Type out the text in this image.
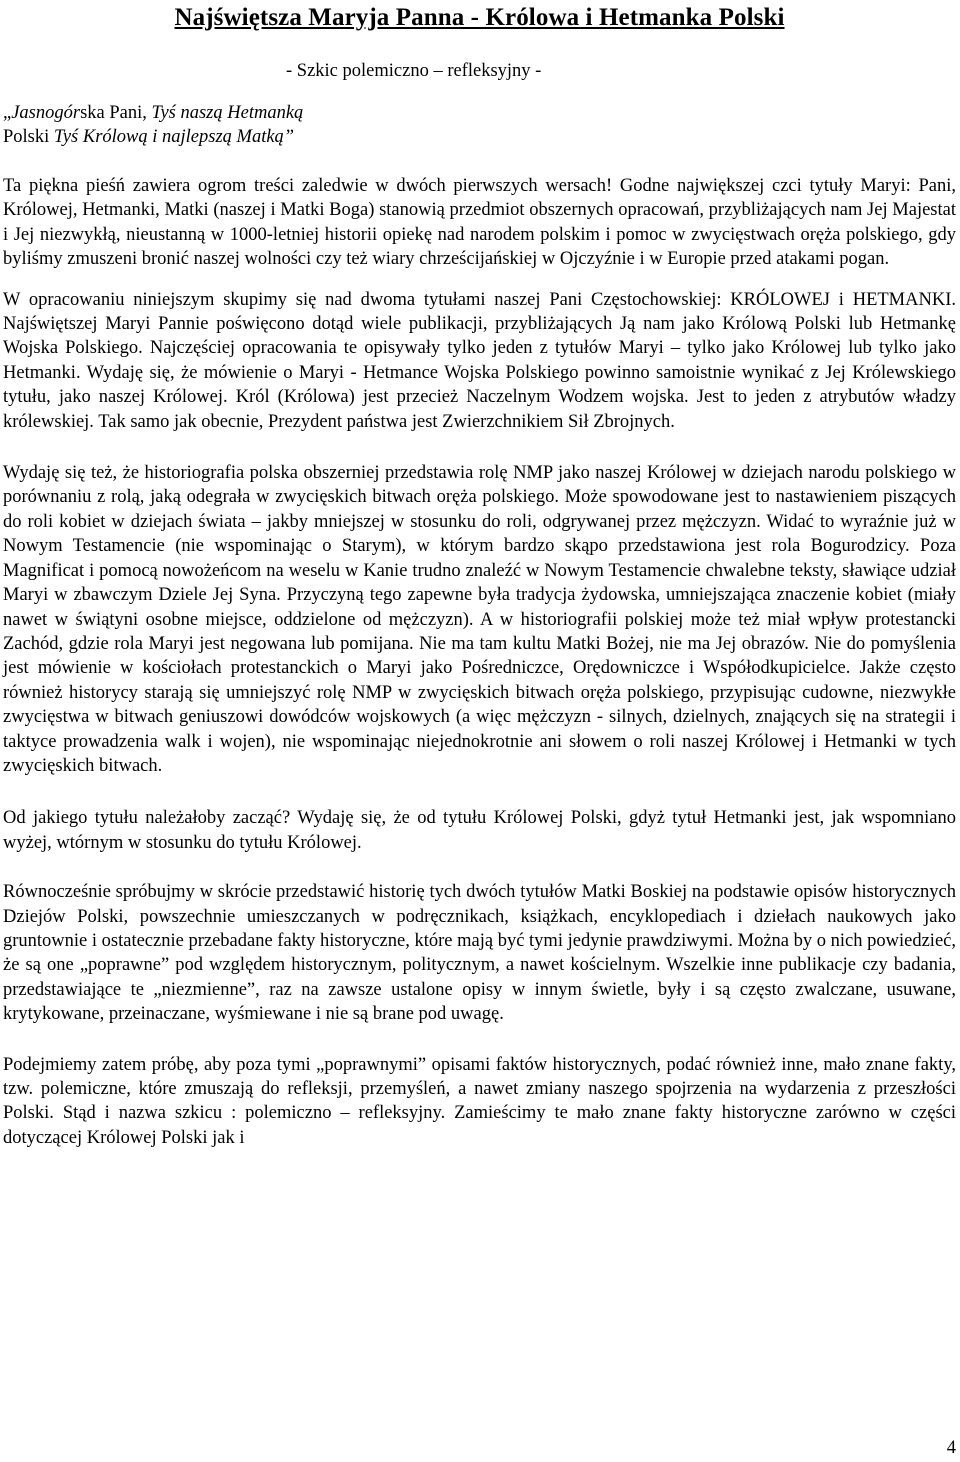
Najświętsza Maryja Panna - Królowa i Hetmanka Polski
- Szkic polemiczno – refleksyjny -
„Jasnogórska Pani, Tyś naszą Hetmanką
Polski Tyś Królową i najlepszą Matką”

Ta piękna pieśń zawiera ogrom treści zaledwie w dwóch pierwszych wersach! Godne największej czci tytuły Maryi: Pani, Królowej, Hetmanki, Matki (naszej i Matki Boga) stanowią przedmiot obszernych opracowań, przybliżających nam Jej Majestat i Jej niezwykłą, nieustanną w 1000-letniej historii opiekę nad narodem polskim i pomoc w zwycięstwach oręża polskiego, gdy byliśmy zmuszeni bronić naszej wolności czy też wiary chrześcijańskiej w Ojczyźnie i w Europie przed atakami pogan.

W opracowaniu niniejszym skupimy się nad dwoma tytułami naszej Pani Częstochowskiej: KRÓLOWEJ i HETMANKI. Najświętszej Maryi Pannie poświęcono dotąd wiele publikacji, przybliżających Ją nam jako Królową Polski lub Hetmankę Wojska Polskiego. Najczęściej opracowania te opisywały tylko jeden z tytułów Maryi – tylko jako Królowej lub tylko jako Hetmanki. Wydaję się, że mówienie o Maryi - Hetmance Wojska Polskiego powinno samoistnie wynikać z Jej Królewskiego tytułu, jako naszej Królowej. Król (Królowa) jest przecież Naczelnym Wodzem wojska. Jest to jeden z atrybutów władzy królewskiej. Tak samo jak obecnie, Prezydent państwa jest Zwierzchnikiem Sił Zbrojnych.

Wydaję się też, że historiografia polska obszerniej przedstawia rolę NMP jako naszej Królowej w dziejach narodu polskiego w porównaniu z rolą, jaką odegrała w zwycięskich bitwach oręża polskiego. Może spowodowane jest to nastawieniem piszących do roli kobiet w dziejach świata – jakby mniejszej w stosunku do roli, odgrywanej przez mężczyzn. Widać to wyraźnie już w Nowym Testamencie (nie wspominając o Starym), w którym bardzo skąpo przedstawiona jest rola Bogurodzicy. Poza Magnificat i pomocą nowożeńcom na weselu w Kanie trudno znaleźć w Nowym Testamencie chwalebne teksty, sławiące udział Maryi w zbawczym Dziele Jej Syna. Przyczyną tego zapewne była tradycja żydowska, umniejszająca znaczenie kobiet (miały nawet w świątyni osobne miejsce, oddzielone od mężczyzn). A w historiografii polskiej może też miał wpływ protestancki Zachód, gdzie rola Maryi jest negowana lub pomijana. Nie ma tam kultu Matki Bożej, nie ma Jej obrazów. Nie do pomyślenia jest mówienie w kościołach protestanckich o Maryi jako Pośredniczce, Orędowniczce i Współodkupicielce. Jakże często również historycy starają się umniejszyć rolę NMP w zwycięskich bitwach oręża polskiego, przypisując cudowne, niezwykłe zwycięstwa w bitwach geniuszowi dowódców wojskowych (a więc mężczyzn - silnych, dzielnych, znających się na strategii i taktyce prowadzenia walk i wojen), nie wspominając niejednokrotnie ani słowem o roli naszej Królowej i Hetmanki w tych zwycięskich bitwach.

Od jakiego tytułu należałoby zacząć? Wydaję się, że od tytułu Królowej Polski, gdyż tytuł Hetmanki jest, jak wspomniano wyżej, wtórnym w stosunku do tytułu Królowej.

Równocześnie spróbujmy w skrócie przedstawić historię tych dwóch tytułów Matki Boskiej na podstawie opisów historycznych Dziejów Polski, powszechnie umieszczanych w podręcznikach, książkach, encyklopediach i dziełach naukowych jako gruntownie i ostatecznie przebadane fakty historyczne, które mają być tymi jedynie prawdziwymi. Można by o nich powiedzieć, że są one „poprawne” pod względem historycznym, politycznym, a nawet kościelnym. Wszelkie inne publikacje czy badania, przedstawiające te „niezmienne”, raz na zawsze ustalone opisy w innym świetle, były i są często zwalczane, usuwane, krytykowane, przeinaczane, wyśmiewane i nie są brane pod uwagę.

Podejmiemy zatem próbę, aby poza tymi „poprawnymi” opisami faktów historycznych, podać również inne, mało znane fakty, tzw. polemiczne, które zmuszają do refleksji, przemyśleń, a nawet zmiany naszego spojrzenia na wydarzenia z przeszłości Polski. Stąd i nazwa szkicu : polemiczno – refleksyjny. Zamieścimy te mało znane fakty historyczne zarówno w części dotyczącej Królowej Polski jak i

4
